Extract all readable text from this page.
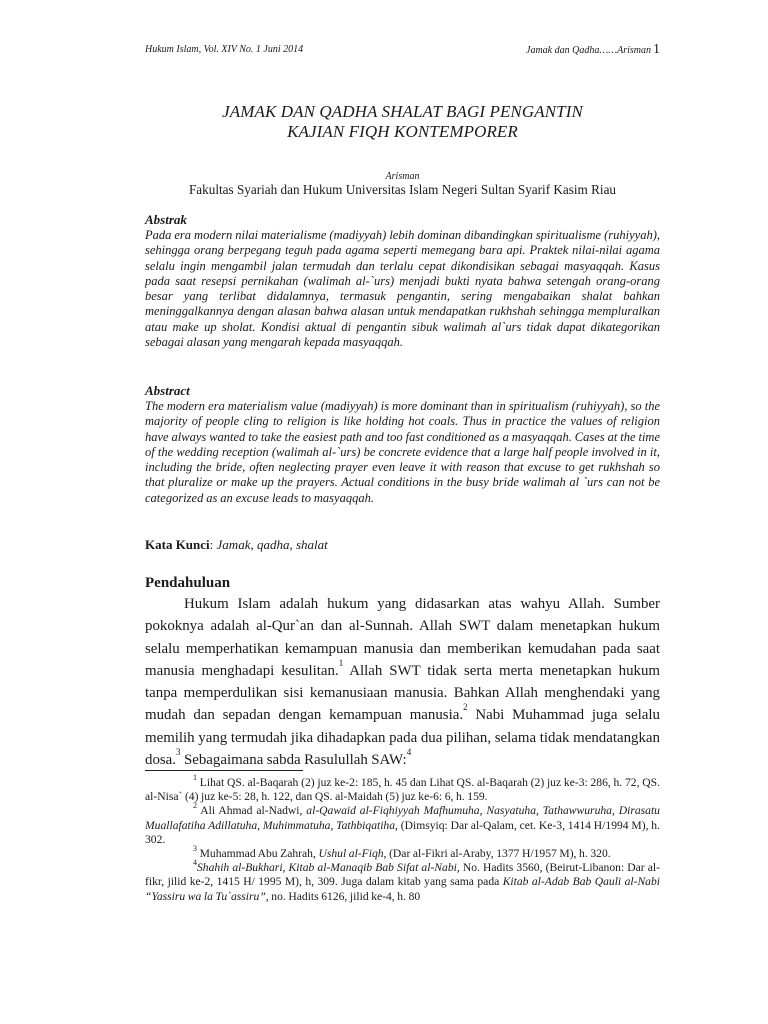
Hukum Islam, Vol. XIV No. 1 Juni 2014	Jamak dan Qadha……Arisman 1
JAMAK DAN QADHA SHALAT BAGI PENGANTIN
KAJIAN FIQH KONTEMPORER
Arisman
Fakultas Syariah dan Hukum Universitas Islam Negeri Sultan Syarif Kasim Riau
Abstrak
Pada era modern nilai materialisme (madiyyah) lebih dominan dibandingkan spiritualisme (ruhiyyah), sehingga orang berpegang teguh pada agama seperti memegang bara api. Praktek nilai-nilai agama selalu ingin mengambil jalan termudah dan terlalu cepat dikondisikan sebagai masyaqqah. Kasus pada saat resepsi pernikahan (walimah al-`urs) menjadi bukti nyata bahwa setengah orang-orang besar yang terlibat didalamnya, termasuk pengantin, sering mengabaikan shalat bahkan meninggalkannya dengan alasan bahwa alasan untuk mendapatkan rukhshah sehingga mempluralkan atau make up sholat. Kondisi aktual di pengantin sibuk walimah al`urs tidak dapat dikategorikan sebagai alasan yang mengarah kepada masyaqqah.
Abstract
The modern era materialism value (madiyyah) is more dominant than in spiritualism (ruhiyyah), so the majority of people cling to religion is like holding hot coals. Thus in practice the values of religion have always wanted to take the easiest path and too fast conditioned as a masyaqqah. Cases at the time of the wedding reception (walimah al-`urs) be concrete evidence that a large half people involved in it, including the bride, often neglecting prayer even leave it with reason that excuse to get rukhshah so that pluralize or make up the prayers. Actual conditions in the busy bride walimah al `urs can not be categorized as an excuse leads to masyaqqah.
Kata Kunci: Jamak, qadha, shalat
Pendahuluan
Hukum Islam adalah hukum yang didasarkan atas wahyu Allah. Sumber pokoknya adalah al-Qur`an dan al-Sunnah. Allah SWT dalam menetapkan hukum selalu memperhatikan kemampuan manusia dan memberikan kemudahan pada saat manusia menghadapi kesulitan.$^1$ Allah SWT tidak serta merta menetapkan hukum tanpa memperdulikan sisi kemanusiaan manusia. Bahkan Allah menghendaki yang mudah dan sepadan dengan kemampuan manusia.$^2$ Nabi Muhammad juga selalu memilih yang termudah jika dihadapkan pada dua pilihan, selama tidak mendatangkan dosa.$^3$ Sebagaimana sabda Rasulullah SAW:$^4$

$^1$ Lihat QS. al-Baqarah (2) juz ke-2: 185, h. 45 dan Lihat QS. al-Baqarah (2) juz ke-3: 286, h. 72, QS. al-Nisa` (4) juz ke-5: 28, h. 122, dan QS. al-Maidah (5) juz ke-6: 6, h. 159.

$^2$ Ali Ahmad al-Nadwi, al-Qawaid al-Fiqhiyyah Mafhumuha, Nasyatuha, Tathawwuruha, Dirasatu Muallafatiha Adillatuha, Muhimmatuha, Tathbiqatiha, (Dimsyiq: Dar al-Qalam, cet. Ke-3, 1414 H/1994 M), h. 302.

$^3$ Muhammad Abu Zahrah, Ushul al-Fiqh, (Dar al-Fikri al-Araby, 1377 H/1957 M), h. 320.

$^4$Shahih al-Bukhari, Kitab al-Manaqib Bab Sifat al-Nabi, No. Hadits 3560, (Beirut-Libanon: Dar al-fikr, jilid ke-2, 1415 H/ 1995 M), h, 309. Juga dalam kitab yang sama pada Kitab al-Adab Bab Qauli al-Nabi “Yassiru wa la Tu`assiru”, no. Hadits 6126, jilid ke-4, h. 80
